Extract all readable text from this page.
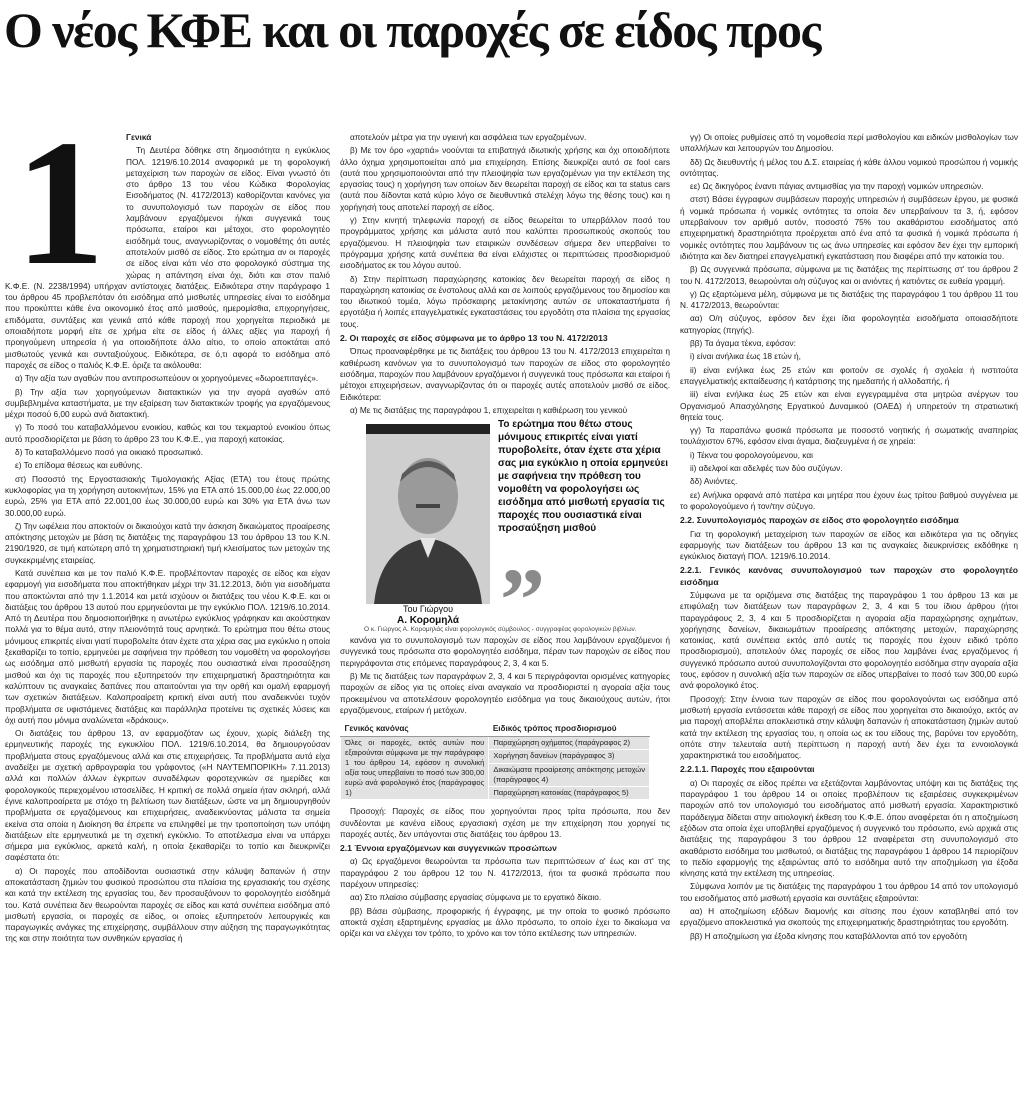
Ο νέος ΚΦΕ και οι παροχές σε είδος προς
1	Γενικά

Τη Δευτέρα δόθηκε στη δημοσιότητα η εγκύκλιος ΠΟΛ. 1219/6.10.2014 αναφορικά με τη φορολογική μεταχείριση των παροχών σε είδος. Είναι γνωστό ότι στο άρθρο 13 του νέου Κώδικα Φορολογίας Εισοδήματος (Ν. 4172/2013) καθορίζονται κανόνες για το συνυπολογισμό των παροχών σε είδος που λαμβάνουν εργαζόμενοι ή/και συγγενικά τους πρόσωπα, εταίροι και μέτοχοι, στο φορολογητέο εισόδημά τους, αναγνωρίζοντας ο νομοθέτης ότι αυτές αποτελούν μισθό σε είδος. Στο ερώτημα αν οι παροχές σε είδος είναι κάτι νέο στο φορολογικό σύστημα της χώρας η απάντηση είναι όχι, διότι και στον παλιό Κ.Φ.Ε. (Ν. 2238/1994) υπήρχαν αντίστοιχες διατάξεις. Ειδικότερα στην παράγραφο 1 του άρθρου 45 προβλεπόταν ότι εισόδημα από μισθωτές υπηρεσίες είναι το εισόδημα που προκύπτει κάθε ένα οικονομικό έτος από μισθούς, ημερομίσθια, επιχορηγήσεις, επιδόματα, συντάξεις και γενικά από κάθε παροχή που χορηγείται περιοδικά με οποιαδήποτε μορφή είτε σε χρήμα είτε σε είδος ή άλλες αξίες για παροχή ή προηγούμενη υπηρεσία ή για οποιοδήποτε άλλο αίτιο, το οποίο αποκτάται από μισθωτούς γενικά και συνταξιούχους. Ειδικότερα, σε ό,τι αφορά το εισόδημα από παροχές σε είδος ο παλιός Κ.Φ.Ε. όριζε τα ακόλουθα:

α) Την αξία των αγαθών που αντιπροσωπεύουν οι χορηγούμενες «δωροεπιταγές».

β) Την αξία των χορηγούμενων διατακτικών για την αγορά αγαθών από συμβεβλημένα καταστήματα, με την εξαίρεση των διατακτικών τροφής για εργαζόμενους μέχρι ποσού 6,00 ευρώ ανά διατακτική.

γ) Το ποσό του καταβαλλόμενου ενοικίου, καθώς και του τεκμαρτού ενοικίου όπως αυτό προσδιορίζεται με βάση το άρθρο 23 του Κ.Φ.Ε., για παροχή κατοικίας.

δ) Το καταβαλλόμενο ποσό για οικιακό προσωπικό.

ε) Το επίδομα θέσεως και ευθύνης.

στ) Ποσοστό της Εργοστασιακής Τιμολογιακής Αξίας (ΕΤΑ) του έτους πρώτης κυκλοφορίας για τη χορήγηση αυτοκινήτων, 15% για ΕΤΑ από 15.000,00 έως 22.000,00 ευρώ, 25% για ΕΤΑ από 22.001,00 έως 30.000,00 ευρώ και 30% για ΕΤΑ άνω των 30.000,00 ευρώ.

ζ) Την ωφέλεια που αποκτούν οι δικαιούχοι κατά την άσκηση δικαιώματος προαίρεσης απόκτησης μετοχών με βάση τις διατάξεις της παραγράφου 13 του άρθρου 13 του Κ.Ν. 2190/1920, σε τιμή κατώτερη από τη χρηματιστηριακή τιμή κλεισίματος των μετοχών της συγκεκριμένης εταιρείας.

Κατά συνέπεια και με τον παλιό Κ.Φ.Ε. προβλέπονταν παροχές σε είδος και είχαν εφαρμογή για εισοδήματα που αποκτήθηκαν μέχρι την 31.12.2013, διότι για εισοδήματα που αποκτώνται από την 1.1.2014 και μετά ισχύουν οι διατάξεις του νέου Κ.Φ.Ε. και οι διατάξεις του άρθρου 13 αυτού που ερμηνεύονται με την εγκύκλιο ΠΟΛ. 1219/6.10.2014. Από τη Δευτέρα που δημοσιοποιήθηκε η ανωτέρω εγκύκλιος γράφηκαν και ακούστηκαν πολλά για το θέμα αυτό, στην πλειονότητά τους αρνητικά. Το ερώτημα που θέτω στους μόνιμους επικριτές είναι γιατί πυροβολείτε όταν έχετε στα χέρια σας μια εγκύκλιο η οποία ξεκαθαρίζει το τοπίο, ερμηνεύει με σαφήνεια την πρόθεση του νομοθέτη να φορολογήσει ως εισόδημα από μισθωτή εργασία τις παροχές που ουσιαστικά είναι προσαύξηση μισθού και όχι τις παροχές που εξυπηρετούν την επιχειρηματική δραστηριότητα και καλύπτουν τις αναγκαίες δαπάνες που απαιτούνται για την ορθή και ομαλή εφαρμογή των σχετικών διατάξεων. Καλοπροαίρετη κριτική είναι αυτή που αναδεικνύει τυχόν προβλήματα σε υφιστάμενες διατάξεις και παράλληλα προτείνει τις σχετικές λύσεις και όχι αυτή που μόνιμα αναλώνεται «δράκους».

Οι διατάξεις του άρθρου 13, αν εφαρμοζόταν ως έχουν, χωρίς διάλεξη της ερμηνευτικής παροχές της εγκυκλίου ΠΟΛ. 1219/6.10.2014, θα δημιουργούσαν προβλήματα στους εργαζόμενους αλλά και στις επιχειρήσεις. Τα προβλήματα αυτά είχα αναδείξει με σχετική αρθρογραφία του γράφοντος («Η ΝΑΥΤΕΜΠΟΡΙΚΗ» 7.11.2013) αλλά και πολλών άλλων έγκριτων συναδέλφων φοροτεχνικών σε ημερίδες και φορολογικούς περιεχομένου ιστοσελίδες. Η κριτική σε πολλά σημεία ήταν σκληρή, αλλά έγινε καλοπροαίρετα με στόχο τη βελτίωση των διατάξεων, ώστε να μη δημιουργηθούν προβλήματα σε εργαζόμενους και επιχειρήσεις, αναδεικνύοντας μάλιστα τα σημεία εκείνα στα οποία η Διοίκηση θα έπρεπε να επιληφθεί με την τροποποίηση των υπόψη διατάξεων είτε ερμηνευτικά με τη σχετική εγκύκλιο. Το αποτέλεσμα είναι να υπάρχει σήμερα μια εγκύκλιος, αρκετά καλή, η οποία ξεκαθαρίζει το τοπίο και διευκρινίζει σαφέστατα ότι:

α) Οι παροχές που αποδίδονται ουσιαστικά στην κάλυψη δαπανών ή στην αποκατάσταση ζημιών του φυσικού προσώπου στα πλαίσια της εργασιακής του σχέσης και κατά την εκτέλεση της εργασίας του, δεν προσαυξάνουν το φορολογητέο εισόδημά του. Κατά συνέπεια δεν θεωρούνται παροχές σε είδος και κατά συνέπεια εισόδημα από μισθωτή εργασία, οι παροχές σε είδος, οι οποίες εξυπηρετούν λειτουργικές και παραγωγικές ανάγκες της επιχείρησης, συμβάλλουν στην αύξηση της παραγωγικότητας της και στην ποιότητα των συνθηκών εργασίας ή

αποτελούν μέτρα για την υγιεινή και ασφάλεια των εργαζομένων.

β) Με τον όρο «χαρτιά» νοούνται τα επιβατηγά ιδιωτικής χρήσης και όχι οποιοδήποτε άλλο όχημα χρησιμοποιείται από μια επιχείρηση. Επίσης διευκρίζει αυτό σε fool cars (αυτά που χρησιμοποιούνται από την πλειοψηφία των εργαζομένων για την εκτέλεση της εργασίας τους) η χορήγηση των οποίων δεν θεωρείται παροχή σε είδος και τα status cars (αυτά που δίδονται κατά κύριο λόγο σε διευθυντικά στελέχη λόγω της θέσης τους) και η χορήγησή τους αποτελεί παροχή σε είδος.

γ) Στην κινητή τηλεφωνία παροχή σε είδος θεωρείται το υπερβάλλον ποσό του προγράμματος χρήσης και μάλιστα αυτό που καλύπτει προσωπικούς σκοπούς του εργαζόμενου. Η πλειοψηφία των εταιρικών συνδέσεων σήμερα δεν υπερβαίνει το πρόγραμμα χρήσης κατά συνέπεια θα είναι ελάχιστες οι περιπτώσεις προσδιορισμού εισοδήματος εκ του λόγου αυτού.

δ) Στην περίπτωση παραχώρησης κατοικίας δεν θεωρείται παροχή σε είδος η παραχώρηση κατοικίας σε ένστολους αλλά και σε λοιπούς εργαζόμενους του δημοσίου και του ιδιωτικού τομέα, λόγω πρόσκαιρης μετακίνησης αυτών σε υποκαταστήματα ή εργοτάξια ή λοιπές επαγγελματικές εγκαταστάσεις του εργοδότη στα πλαίσια της εργασίας τους.

2. Οι παροχές σε είδος σύμφωνα με το άρθρο 13 του Ν. 4172/2013

Όπως προαναφέρθηκε με τις διατάξεις του άρθρου 13 του Ν. 4172/2013 επιχειρείται η καθιέρωση κανόνων για το συνυπολογισμό των παροχών σε είδος στο φορολογητέο εισόδημα, παροχών που λαμβάνουν εργαζόμενοι ή συγγενικά τους πρόσωπα και εταίροι ή μέτοχοι επιχειρήσεων, αναγνωρίζοντας ότι οι παροχές αυτές αποτελούν μισθό σε είδος. Ειδικότερα:

α) Με τις διατάξεις της παραγράφου 1, επιχειρείται η καθιέρωση του γενικού

Του Γιώργου
Α. Κορομηλά
Το ερώτημα που θέτω στους μόνιμους επικριτές είναι γιατί πυροβολείτε, όταν έχετε στα χέρια σας μια εγκύκλιο η οποία ερμηνεύει με σαφήνεια την πρόθεση του νομοθέτη να φορολογήσει ως εισόδημα από μισθωτή εργασία τις παροχές που ουσιαστικά είναι προσαύξηση μισθού
”
Ο κ. Γιώργος Α. Κορομηλάς είναι φορολογικός σύμβουλος - συγγραφέας φορολογικών βιβλίων.

κανόνα για το συνυπολογισμό των παροχών σε είδος που λαμβάνουν εργαζόμενοι ή συγγενικά τους πρόσωπα στο φορολογητέο εισόδημα, πέραν των παροχών σε είδος που περιγράφονται στις επόμενες παραγράφους 2, 3, 4 και 5.

β) Με τις διατάξεις των παραγράφων 2, 3, 4 και 5 περιγράφονται ορισμένες κατηγορίες παροχών σε είδος για τις οποίες είναι αναγκαίο να προσδιοριστεί η αγοραία αξία τους προκειμένου να αποτελέσουν φορολογητέο εισόδημα για τους δικαιούχους αυτών, ήτοι εργαζόμενους, εταίρων ή μετόχων.

Γενικός κανόνας	Ειδικός τρόπος προσδιορισμού
Όλες οι παροχές, εκτός αυτών που εξαιρούνται σύμφωνα με την παράγραφο 1 του άρθρου 14, εφόσον η συνολική αξία τους υπερβαίνει το ποσό των 300,00 ευρώ ανά φορολογικό έτος (παράγραφος 1)	Παραχώρηση οχήματος (παράγραφος 2)
	Χορήγηση δανείων (παράγραφος 3)
	Δικαιώματα προαίρεσης απόκτησης μετοχών (παράγραφος 4)
	Παραχώρηση κατοικίας (παράγραφος 5)

Προσοχή: Παροχές σε είδος που χορηγούνται προς τρίτα πρόσωπα, που δεν συνδέονται με κανένα είδους εργασιακή σχέση με την επιχείρηση που χορηγεί τις παροχές αυτές, δεν υπάγονται στις διατάξεις του άρθρου 13.

2.1 Έννοια εργαζόμενων και συγγενικών προσώπων

α) Ως εργαζόμενοι θεωρούνται τα πρόσωπα των περιπτώσεων α' έως και στ' της παραγράφου 2 του άρθρου 12 του Ν. 4172/2013, ήτοι τα φυσικά πρόσωπα που παρέχουν υπηρεσίες:

αα) Στο πλαίσιο σύμβασης εργασίας σύμφωνα με το εργατικό δίκαιο.

ββ) Βάσει σύμβασης, προφορικής ή έγγραφης, με την οποία το φυσικό πρόσωπο αποκτά σχέση εξαρτημένης εργασίας με άλλο πρόσωπο, το οποίο έχει το δικαίωμα να ορίζει και να ελέγχει τον τρόπο, το χρόνο και τον τόπο εκτέλεσης των υπηρεσιών.

γγ) Οι οποίες ρυθμίσεις από τη νομοθεσία περί μισθολογίου και ειδικών μισθολογίων των υπαλλήλων και λειτουργών του Δημοσίου.

δδ) Ως διευθυντής ή μέλος του Δ.Σ. εταιρείας ή κάθε άλλου νομικού προσώπου ή νομικής οντότητας.

εε) Ως δικηγόρος έναντι πάγιας αντιμισθίας για την παροχή νομικών υπηρεσιών.

στστ) Βάσει έγγραφων συμβάσεων παροχής υπηρεσιών ή συμβάσεων έργου, με φυσικά ή νομικά πρόσωπα ή νομικές οντότητες τα οποία δεν υπερβαίνουν τα 3, ή, εφόσον υπερβαίνουν τον αριθμό αυτόν, ποσοστό 75% του ακαθάριστου εισοδήματος από επιχειρηματική δραστηριότητα προέρχεται από ένα από τα φυσικά ή νομικά πρόσωπα ή νομικές οντότητες που λαμβάνουν τις ως άνω υπηρεσίες και εφόσον δεν έχει την εμπορική ιδιότητα και δεν διατηρεί επαγγελματική εγκατάσταση που διαφέρει από την κατοικία του.

β) Ως συγγενικά πρόσωπα, σύμφωνα με τις διατάξεις της περίπτωσης στ' του άρθρου 2 του Ν. 4172/2013, θεωρούνται ο/η σύζυγος και οι ανιόντες ή κατιόντες σε ευθεία γραμμή.

γ) Ως εξαρτώμενα μέλη, σύμφωνα με τις διατάξεις της παραγράφου 1 του άρθρου 11 του Ν. 4172/2013, θεωρούνται:

αα) Ο/η σύζυγος, εφόσον δεν έχει ίδια φορολογητέα εισοδήματα οποιασδήποτε κατηγορίας (πηγής).

ββ) Τα άγαμα τέκνα, εφόσον:

i) είναι ανήλικα έως 18 ετών ή,

ii) είναι ενήλικα έως 25 ετών και φοιτούν σε σχολές ή σχολεία ή ινστιτούτα επαγγελματικής εκπαίδευσης ή κατάρτισης της ημεδαπής ή αλλοδαπής, ή

iii) είναι ενήλικα έως 25 ετών και είναι εγγεγραμμένα στα μητρώα ανέργων του Οργανισμού Απασχόλησης Εργατικού Δυναμικού (ΟΑΕΔ) ή υπηρετούν τη στρατιωτική θητεία τους.

γγ) Τα παραπάνω φυσικά πρόσωπα με ποσοστό νοητικής ή σωματικής αναπηρίας τουλάχιστον 67%, εφόσον είναι άγαμα, διαζευγμένα ή σε χηρεία:

i) Τέκνα του φορολογούμενου, και

ii) αδελφοί και αδελφές των δύο συζύγων.

δδ) Ανιόντες.

εε) Ανήλικα ορφανά από πατέρα και μητέρα που έχουν έως τρίτου βαθμού συγγένεια με το φορολογούμενο ή τον/την σύζυγο.

2.2. Συνυπολογισμός παροχών σε είδος στο φορολογητέο εισόδημα

Για τη φορολογική μεταχείριση των παροχών σε είδος και ειδικότερα για τις οδηγίες εφαρμογής των διατάξεων του άρθρου 13 και τις αναγκαίες διευκρινίσεις εκδόθηκε η εγκύκλιος διαταγή ΠΟΛ. 1219/6.10.2014.

2.2.1. Γενικός κανόνας συνυπολογισμού των παροχών στο φορολογητέο εισόδημα

Σύμφωνα με τα οριζόμενα στις διατάξεις της παραγράφου 1 του άρθρου 13 και με επιφύλαξη των διατάξεων των παραγράφων 2, 3, 4 και 5 του ίδιου άρθρου (ήτοι παραγράφους 2, 3, 4 και 5 προσδιορίζεται η αγοραία αξία παραχώρησης οχημάτων, χορήγησης δανείων, δικαιωμάτων προαίρεσης απόκτησης μετοχών, παραχώρησης κατοικίας, κατά συνέπεια εκτός από αυτές τις παροχές που έχουν ειδικό τρόπο προσδιορισμού), αποτελούν όλες παροχές σε είδος που λαμβάνει ένας εργαζόμενος ή συγγενικό πρόσωπο αυτού συνυπολογίζονται στο φορολογητέο εισόδημα στην αγοραία αξία τους, εφόσον η συνολική αξία των παροχών σε είδος υπερβαίνει το ποσό των 300,00 ευρώ ανά φορολογικό έτος.

Προσοχή: Στην έννοια των παροχών σε είδος που φορολογούνται ως εισόδημα από μισθωτή εργασία εντάσσεται κάθε παροχή σε είδος που χορηγείται στο δικαιούχο, εκτός αν μια παροχή αποβλέπει αποκλειστικά στην κάλυψη δαπανών ή αποκατάσταση ζημιών αυτού κατά την εκτέλεση της εργασίας του, η οποία ως εκ του είδους της, βαρύνει τον εργοδότη, οπότε στην τελευταία αυτή περίπτωση η παροχή αυτή δεν έχει τα εννοιολογικά χαρακτηριστικά του εισοδήματος.

2.2.1.1. Παροχές που εξαιρούνται

α) Οι παροχές σε είδος πρέπει να εξετάζονται λαμβάνοντας υπόψη και τις διατάξεις της παραγράφου 1 του άρθρου 14 οι οποίες προβλέπουν τις εξαιρέσεις συγκεκριμένων παροχών από τον υπολογισμό του εισοδήματος από μισθωτή εργασία. Χαρακτηριστικό παράδειγμα δίδεται στην αιτιολογική έκθεση του Κ.Φ.Ε. όπου αναφέρεται ότι η αποζημίωση εξόδων στα οποία έχει υποβληθεί εργαζόμενος ή συγγενικό του πρόσωπο, ενώ αρχικά στις διατάξεις της παραγράφου 3 του άρθρου 12 αναφέρεται στη συνυπολογισμό στο ακαθάριστο εισόδημα του μισθωτού, οι διατάξεις της παραγράφου 1 άρθρου 14 περιορίζουν το πεδίο εφαρμογής της εξαιρώντας από το εισόδημα αυτό την αποζημίωση για έξοδα κίνησης κατά την εκτέλεση της υπηρεσίας.

Σύμφωνα λοιπόν με τις διατάξεις της παραγράφου 1 του άρθρου 14 από τον υπολογισμό του εισοδήματος από μισθωτή εργασία και συντάξεις εξαιρούνται:

αα) Η αποζημίωση εξόδων διαμονής και σίτισης που έχουν καταβληθεί από τον εργαζόμενο αποκλειστικά για σκοπούς της επιχειρηματικής δραστηριότητας του εργοδότη.

ββ) Η αποζημίωση για έξοδα κίνησης που καταβάλλονται από τον εργοδότη
